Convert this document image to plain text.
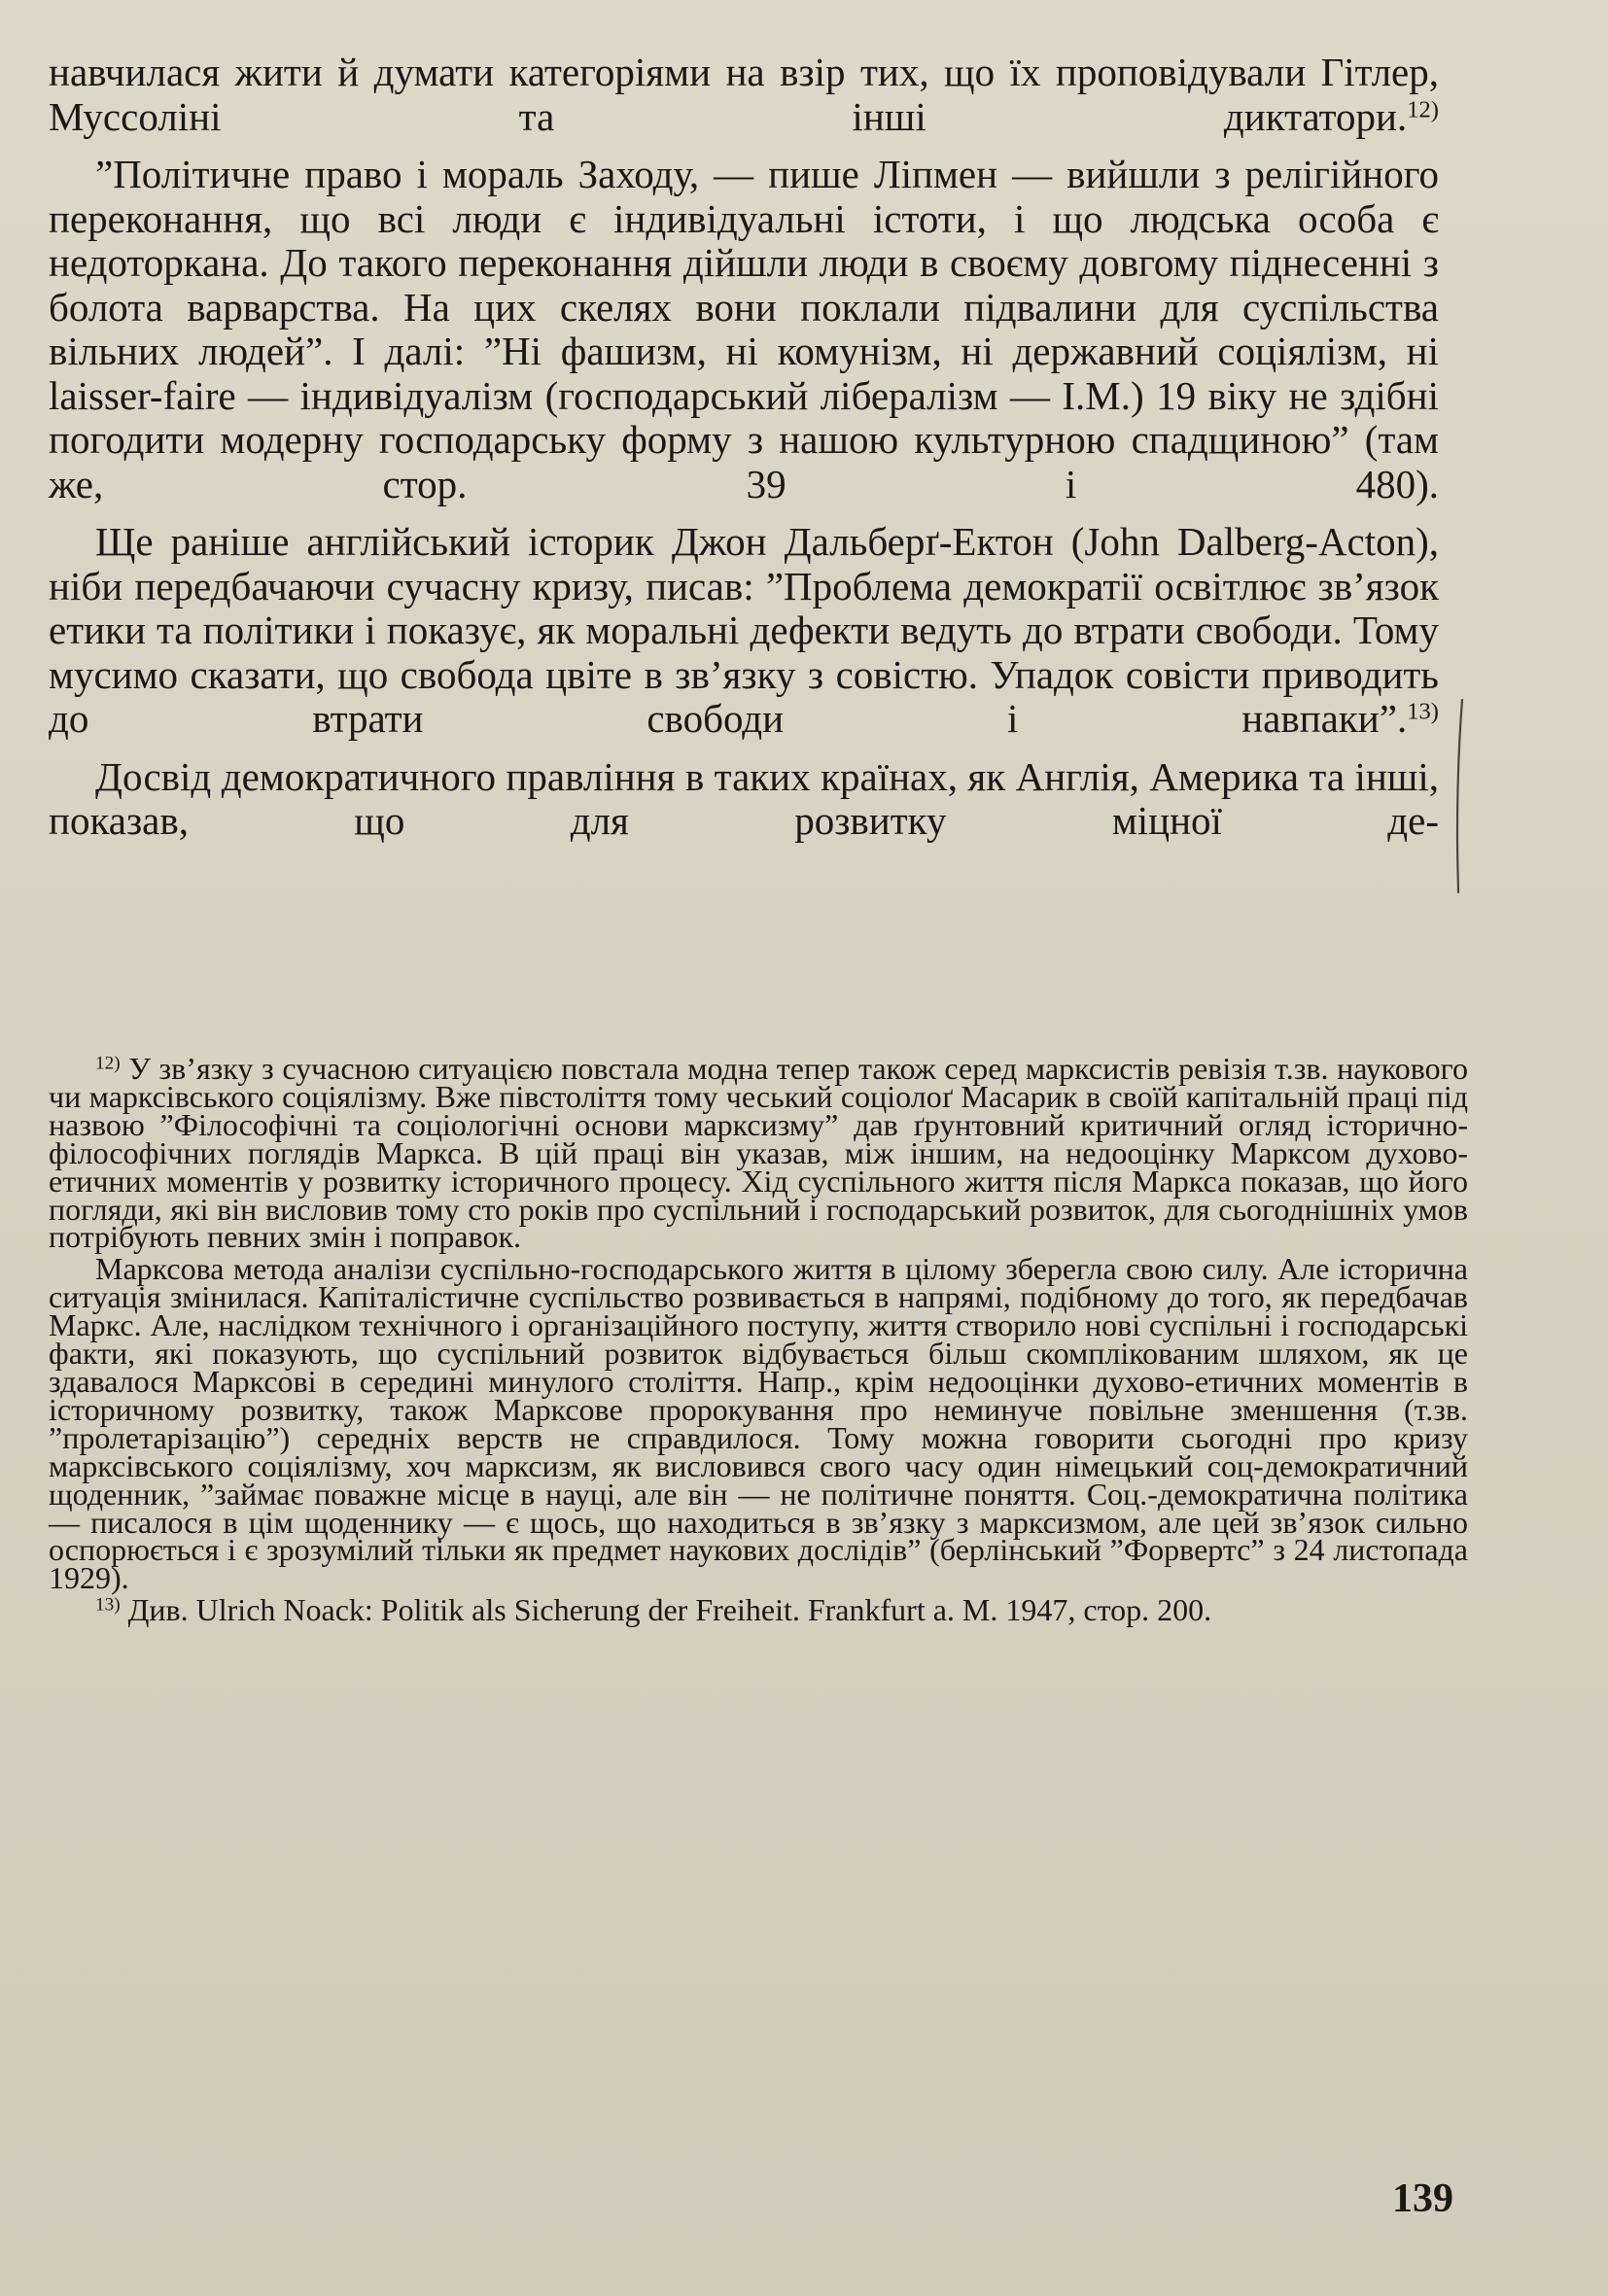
навчилася жити й думати категоріями на взір тих, що їх проповідували Гітлер, Муссоліні та інші диктатори.$^{12)}$

”Політичне право і мораль Заходу, — пише Ліпмен — вийшли з релігійного переконання, що всі люди є індивідуальні істоти, і що людська особа є недоторкана. До такого переконання дійшли люди в своєму довгому піднесенні з болота варварства. На цих скелях вони поклали підвалини для суспільства вільних людей”. І далі: ”Ні фашизм, ні комунізм, ні державний соціялізм, ні laisser-faire — індивідуалізм (господарський лібералізм — І.М.) 19 віку не здібні погодити модерну господарську форму з нашою культурною спадщиною” (там же, стор. 39 і 480).

Ще раніше англійський історик Джон Дальберґ-Ектон (John Dalberg-Acton), ніби передбачаючи сучасну кризу, писав: ”Проблема демократії освітлює зв’язок етики та політики і показує, як моральні дефекти ведуть до втрати свободи. Тому мусимо сказати, що свобода цвіте в зв’язку з совістю. Упадок совісти приводить до втрати свободи і навпаки”.$^{13)}$

Досвід демократичного правління в таких країнах, як Англія, Америка та інші, показав, що для розвитку міцної де-

$^{12)}$ У зв’язку з сучасною ситуацією повстала модна тепер також серед марксистів ревізія т.зв. наукового чи марксівського соціялізму. Вже півстоліття тому чеський соціолоґ Масарик в своїй капітальній праці під назвою ”Філософічні та соціологічні основи марксизму” дав ґрунтовний критичний огляд історично-філософічних поглядів Маркса. В цій праці він указав, між іншим, на недооцінку Марксом духово-етичних моментів у розвитку історичного процесу. Хід суспільного життя після Маркса показав, що його погляди, які він висловив тому сто років про суспільний і господарський розвиток, для сьогоднішніх умов потрібують певних змін і поправок.

Марксова метода аналізи суспільно-господарського життя в цілому зберегла свою силу. Але історична ситуація змінилася. Капіталістичне суспільство розвивається в напрямі, подібному до того, як передбачав Маркс. Але, наслідком технічного і організаційного поступу, життя створило нові суспільні і господарські факти, які показують, що суспільний розвиток відбувається більш скомплікованим шляхом, як це здавалося Марксові в середині минулого століття. Напр., крім недооцінки духово-етичних моментів в історичному розвитку, також Марксове пророкування про неминуче повільне зменшення (т.зв. ”пролетарізацію”) середніх верств не справдилося. Тому можна говорити сьогодні про кризу марксівського соціялізму, хоч марксизм, як висловився свого часу один німецький соц-демократичний щоденник, ”займає поважне місце в науці, але він — не політичне поняття. Соц.-демократична політика — писалося в цім щоденнику — є щось, що находиться в зв’язку з марксизмом, але цей зв’язок сильно оспорюється і є зрозумілий тільки як предмет наукових дослідів” (берлінський ”Форвертс” з 24 листопада 1929).

$^{13)}$ Див. Ulrich Noack: Politik als Sicherung der Freiheit. Frankfurt a. M. 1947, стор. 200.

139
